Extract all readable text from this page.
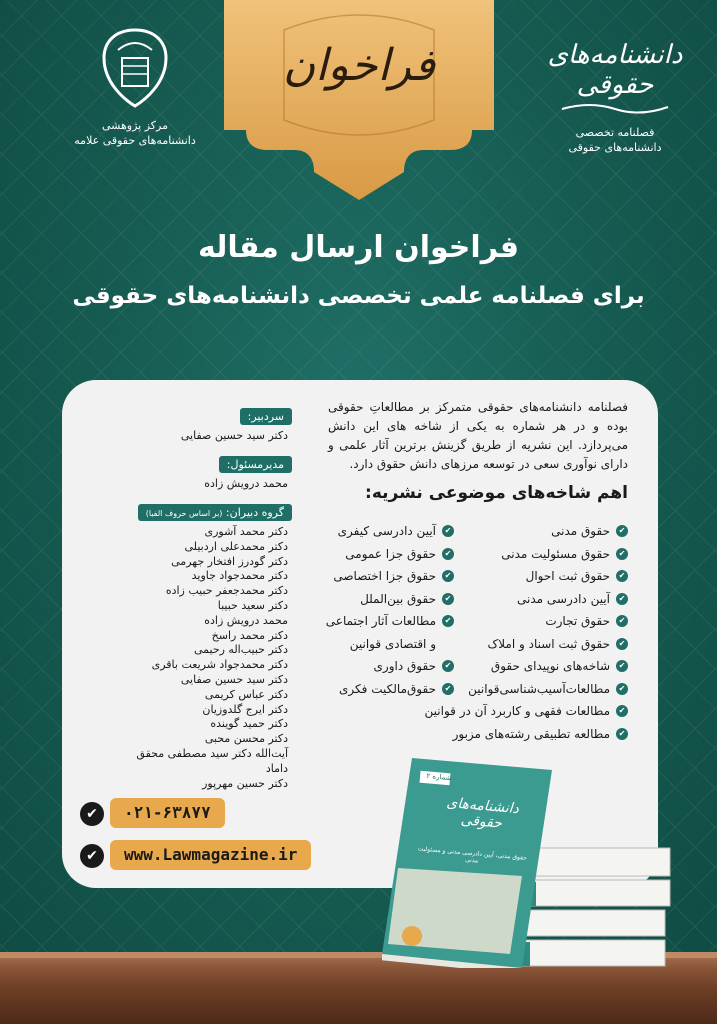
فراخوان
مرکز پژوهشی
دانشنامه‌های حقوقی علامه
دانشنامه‌های حقوقی
فصلنامه تخصصی
دانشنامه‌های حقوقی
فراخوان ارسال مقاله
برای فصلنامه علمی تخصصی دانشنامه‌های حقوقی
فصلنامه دانشنامه‌های حقوقی متمرکز بر مطالعاتِ حقوقی بوده و در هر شماره به یکی از شاخه های این دانش می‌پردازد. این نشریه از طریق گزینش برترین آثار علمی و دارای نوآوری سعی در توسعه مرزهای دانش حقوق دارد.
اهم شاخه‌های موضوعی نشریه:
✔
حقوق مدنی
✔
حقوق مسئولیت مدنی
✔
حقوق ثبت احوال
✔
آیین دادرسی مدنی
✔
حقوق تجارت
✔
حقوق ثبت اسناد و املاک
✔
شاخه‌های نوپیدای حقوق
✔
مطالعات‌آسیب‌شناسی‌قوانین
✔
مطالعات فقهی و کاربرد آن در قوانین
✔
مطالعه تطبیقی رشته‌های مزبور
✔
آیین دادرسی کیفری
✔
حقوق جزا عمومی
✔
حقوق جزا اختصاصی
✔
حقوق بین‌الملل
✔
مطالعات آثار اجتماعی
و اقتصادی قوانین
✔
حقوق داوری
✔
حقوق‌مالکیت فکری
سردبیر:
دکتر سید حسین صفایی
مدیرمسئول:
محمد درویش زاده
گروه دبیران: (بر اساس حروف الفبا)
دکتر محمد آشوری
دکتر محمدعلی اردبیلی
دکتر گودرز افتخار جهرمی
دکتر محمدجواد جاوید
دکتر محمدجعفر حبیب زاده
دکتر سعید حبیبا
محمد درویش زاده
دکتر محمد راسخ
دکتر حبیب‌اله رحیمی
دکتر محمدجواد شریعت باقری
دکتر سید حسین صفایی
دکتر عباس کریمی
دکتر ایرج گلدوزیان
دکتر حمید گوینده
دکتر محسن محبی
آیت‌الله دکتر سید مصطفی محقق داماد
دکتر حسین مهرپور
✔	۰۲۱-۶۳۸۷۷
✔	www.Lawmagazine.ir
دانشنامه‌های حقوقی
شماره ۲
حقوق مدنی، آیین دادرسی مدنی و مسئولیت مدنی
